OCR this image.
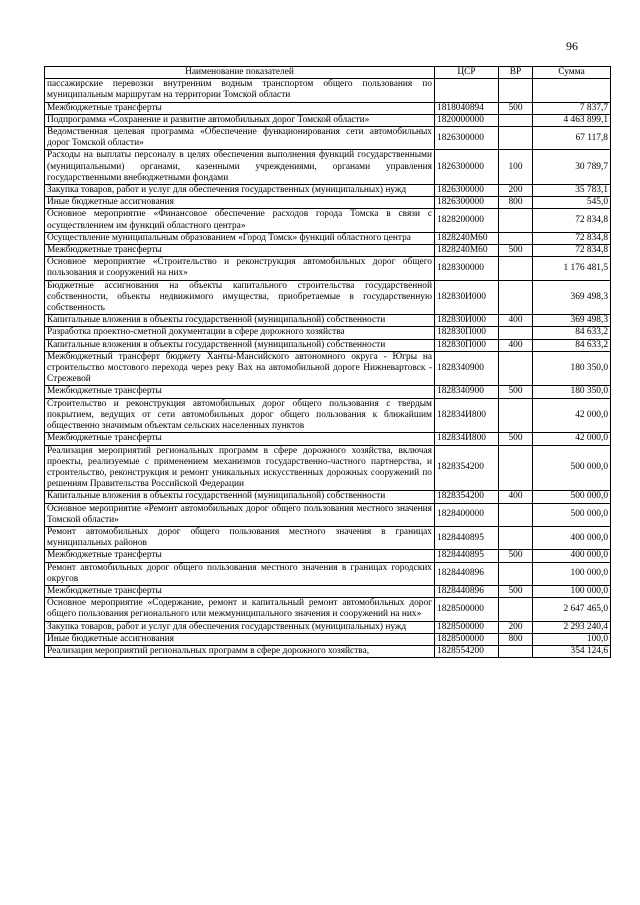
96
Наименование показателей	ЦСР	ВР	Сумма
пассажирские перевозки внутренним водным транспортом общего пользования по муниципальным маршрутам на территории Томской области			
Межбюджетные трансферты	1818040894	500	7 837,7
Подпрограмма «Сохранение и развитие автомобильных дорог Томской области»	1820000000		4 463 899,1
Ведомственная целевая программа «Обеспечение функционирования сети автомобильных дорог Томской области»	1826300000		67 117,8
Расходы на выплаты персоналу в целях обеспечения выполнения функций государственными (муниципальными) органами, казенными учреждениями, органами управления государственными внебюджетными фондами	1826300000	100	30 789,7
Закупка товаров, работ и услуг для обеспечения государственных (муниципальных) нужд	1826300000	200	35 783,1
Иные бюджетные ассигнования	1826300000	800	545,0
Основное мероприятие «Финансовое обеспечение расходов города Томска в связи с осуществлением им функций областного центра»	1828200000		72 834,8
Осуществление муниципальным образованием «Город Томск» функций областного центра	1828240М60		72 834,8
Межбюджетные трансферты	1828240М60	500	72 834,8
Основное мероприятие «Строительство и реконструкция автомобильных дорог общего пользования и сооружений на них»	1828300000		1 176 481,5
Бюджетные ассигнования на объекты капитального строительства государственной собственности, объекты недвижимого имущества, приобретаемые в государственную собственность	182830И000		369 498,3
Капитальные вложения в объекты государственной (муниципальной) собственности	182830И000	400	369 498,3
Разработка проектно-сметной документации в сфере дорожного хозяйства	182830П000		84 633,2
Капитальные вложения в объекты государственной (муниципальной) собственности	182830П000	400	84 633,2
Межбюджетный трансферт бюджету Ханты-Мансийского автономного округа - Югры на строительство мостового перехода через реку Вах на автомобильной дороге Нижневартовск - Стрежевой	1828340900		180 350,0
Межбюджетные трансферты	1828340900	500	180 350,0
Строительство и реконструкция автомобильных дорог общего пользования с твердым покрытием, ведущих от сети автомобильных дорог общего пользования к ближайшим общественно значимым объектам сельских населенных пунктов	182834И800		42 000,0
Межбюджетные трансферты	182834И800	500	42 000,0
Реализация мероприятий региональных программ в сфере дорожного хозяйства, включая проекты, реализуемые с применением механизмов государственно-частного партнерства, и строительство, реконструкция и ремонт уникальных искусственных дорожных сооружений по решениям Правительства Российской Федерации	1828354200		500 000,0
Капитальные вложения в объекты государственной (муниципальной) собственности	1828354200	400	500 000,0
Основное мероприятие «Ремонт автомобильных дорог общего пользования местного значения Томской области»	1828400000		500 000,0
Ремонт автомобильных дорог общего пользования местного значения в границах муниципальных районов	1828440895		400 000,0
Межбюджетные трансферты	1828440895	500	400 000,0
Ремонт автомобильных дорог общего пользования местного значения в границах городских округов	1828440896		100 000,0
Межбюджетные трансферты	1828440896	500	100 000,0
Основное мероприятие «Содержание, ремонт и капитальный ремонт автомобильных дорог общего пользования регионального или межмуниципального значения и сооружений на них»	1828500000		2 647 465,0
Закупка товаров, работ и услуг для обеспечения государственных (муниципальных) нужд	1828500000	200	2 293 240,4
Иные бюджетные ассигнования	1828500000	800	100,0
Реализация мероприятий региональных программ в сфере дорожного хозяйства,	1828554200		354 124,6
